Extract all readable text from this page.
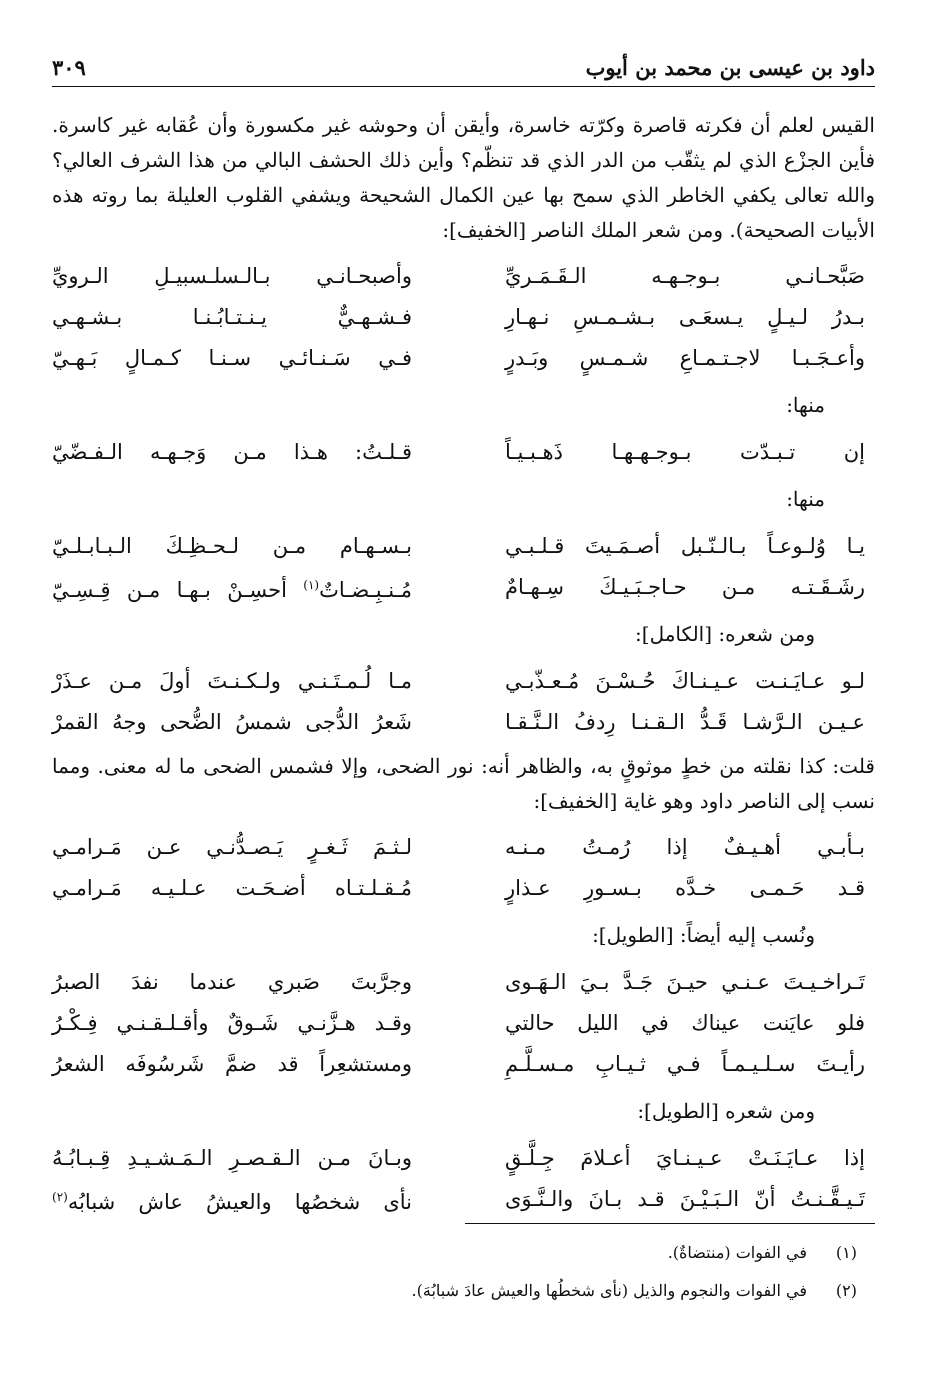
داود بن عيسى بن محمد بن أيوب
٣٠٩
القيس لعلم أن فكرته قاصرة وكرّته خاسرة، وأيقن أن وحوشه غير مكسورة وأن عُقابه غير كاسرة. فأين الجزْع الذي لم يثقّب من الدر الذي قد تنظّم؟ وأين ذلك الحشف البالي من هذا الشرف العالي؟ والله تعالى يكفي الخاطر الذي سمح بها عين الكمال الشحيحة ويشفي القلوب العليلة بما روته هذه الأبيات الصحيحة). ومن شعر الملك الناصر [الخفيف]:
صَبَّحـانـي بـوجـهـه الـقَـمَـريِّ
وأصبحـانـي بـالـسلـسبيـلِ الـرويِّ
بـدرُ لـيـلٍ يـسعَـى بـشـمـسِ نـهـارِ
فـشـهـيٌّ يـنـتـابُـنـا بـشـهـي
وأعـجَـبـا لاجـتـمـاعِ شـمـسٍ وبَـدرٍ
فـي سَـنـائـي سـنـا كـمـالٍ بَـهـيّ
منها:
إن تـبـدّت بـوجـهـهـا ذَهـبـيـاً
قـلـتُ: هـذا مـن وَجـهـه الـفـضّيّ
منها:
يـا وُلـوعـاً بـالـنّـبل أصـمَـيتَ قـلـبـي
بـسـهـام مـن لـحـظِـكَ الـبـابـلـيّ
رشَـقَـتـه مـن حـاجـبَـيـكَ سِـهـامٌ
مُـنـبِـضـاتٌ$^{(١)}$ أحسِـنْ بـهـا مـن قِـسِـيّ
ومن شعره: [الكامل]:
لـو عـايَـنـت عـيـنـاكَ حُـسْـنَ مُـعـذّبـي
مـا لُـمـتَـنـي ولـكـنـتَ أولَ مـن عـذَرْ
عـيـن الـرَّشـا قَـدُّ الـقـنـا رِدفُ الـنَّـقـا
شَعرُ الدُّجى شمسُ الضُّحى وجهُ القمرْ
قلت: كذا نقلته من خطٍ موثوقٍ به، والظاهر أنه: نور الضحى، وإلا فشمس الضحى ما له معنى. ومما نسب إلى الناصر داود وهو غاية [الخفيف]:
بـأبـي أهـيـفٌ إذا رُمـتُ مـنـه
لـثـمَ ثَـغـرٍ يَـصـدُّنـي عـن مَـرامـي
قـد حَـمـى خـدَّه بـسـورِ عـذارٍ
مُـقـلـتـاه أضـحَـت عـلـيـه مَـرامـي
ونُسب إليه أيضاً: [الطويل]:
تَـراخـيـتَ عـنـي حيـنَ جَـدَّ بـيَ الـهَـوى
وجرَّبتَ صَبري عندما نفدَ الصبرُ
فلو عايَنت عيناك في الليل حالتي
وقـد هـزَّنـي شَـوقٌ وأقـلـقـنـي فِـكْـرُ
رأيـتَ سـلـيـمـاً فـي ثـيـابِ مـسـلَّـمِ
ومستشعِراً قد ضمَّ شَرسُوفَه الشعرُ
ومن شعره [الطويل]:
إذا عـايَـنَـتْ عـيـنـايَ أعـلامَ جِـلَّـقٍ
وبـانَ مـن الـقـصـرِ الـمَـشـيـدِ قِـبـابُـهُ
تَـيـقَّـنـتُ أنّ الـبَـيْـنَ قـد بـانَ والـنَّـوَى
نأى شخصُها والعيشُ عاش شبابُه$^{(٢)}$
(١)
في الفوات (منتضاةٌ).
(٢)
في الفوات والنجوم والذيل (نأى شخطُها والعيش عادَ شبابُهَ).
